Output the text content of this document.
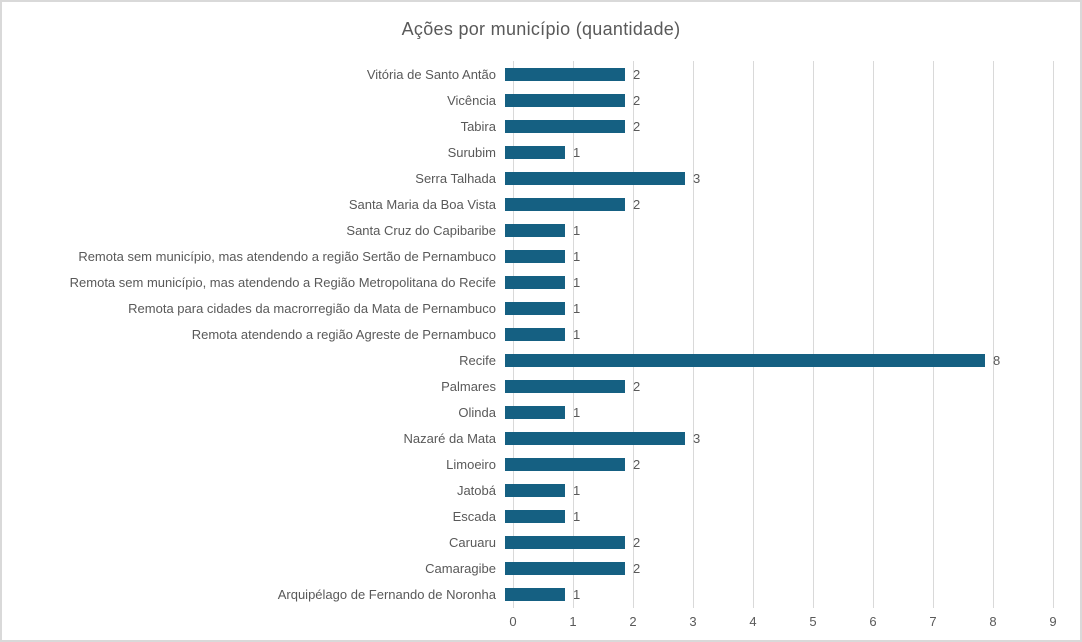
Ações por município (quantidade)
Vitória de Santo Antão	2
Vicência	2
Tabira	2
Surubim	1
Serra Talhada	3
Santa Maria da Boa Vista	2
Santa Cruz do Capibaribe	1
Remota sem município, mas atendendo a região Sertão de Pernambuco	1
Remota sem município, mas atendendo a Região Metropolitana do Recife	1
Remota para cidades da macrorregião da Mata de Pernambuco	1
Remota atendendo a região Agreste de Pernambuco	1
Recife	8
Palmares	2
Olinda	1
Nazaré da Mata	3
Limoeiro	2
Jatobá	1
Escada	1
Caruaru	2
Camaragibe	2
Arquipélago de Fernando de Noronha	1
0	1	2	3	4	5	6	7	8	9
